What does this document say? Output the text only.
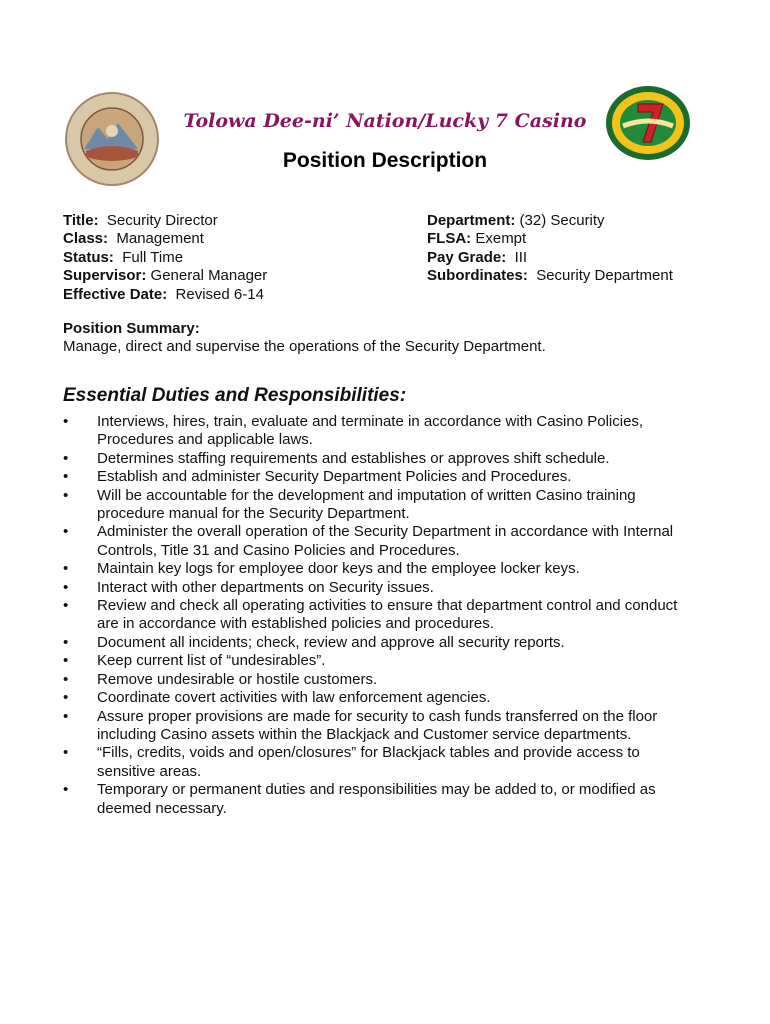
Tolowa Dee-ni’ Nation/Lucky 7 Casino
Position Description
Title: Security Director
Class: Management
Status: Full Time
Supervisor: General Manager
Effective Date: Revised 6-14
Department: (32) Security
FLSA: Exempt
Pay Grade: III
Subordinates: Security Department
Position Summary:
Manage, direct and supervise the operations of the Security Department.
Essential Duties and Responsibilities:
• Interviews, hires, train, evaluate and terminate in accordance with Casino Policies,
Procedures and applicable laws.
• Determines staffing requirements and establishes or approves shift schedule.
• Establish and administer Security Department Policies and Procedures.
• Will be accountable for the development and imputation of written Casino training
procedure manual for the Security Department.
• Administer the overall operation of the Security Department in accordance with Internal
Controls, Title 31 and Casino Policies and Procedures.
• Maintain key logs for employee door keys and the employee locker keys.
• Interact with other departments on Security issues.
• Review and check all operating activities to ensure that department control and conduct
are in accordance with established policies and procedures.
• Document all incidents; check, review and approve all security reports.
• Keep current list of “undesirables”.
• Remove undesirable or hostile customers.
• Coordinate covert activities with law enforcement agencies.
• Assure proper provisions are made for security to cash funds transferred on the floor
including Casino assets within the Blackjack and Customer service departments.
• “Fills, credits, voids and open/closures” for Blackjack tables and provide access to
sensitive areas.
• Temporary or permanent duties and responsibilities may be added to, or modified as
deemed necessary.
